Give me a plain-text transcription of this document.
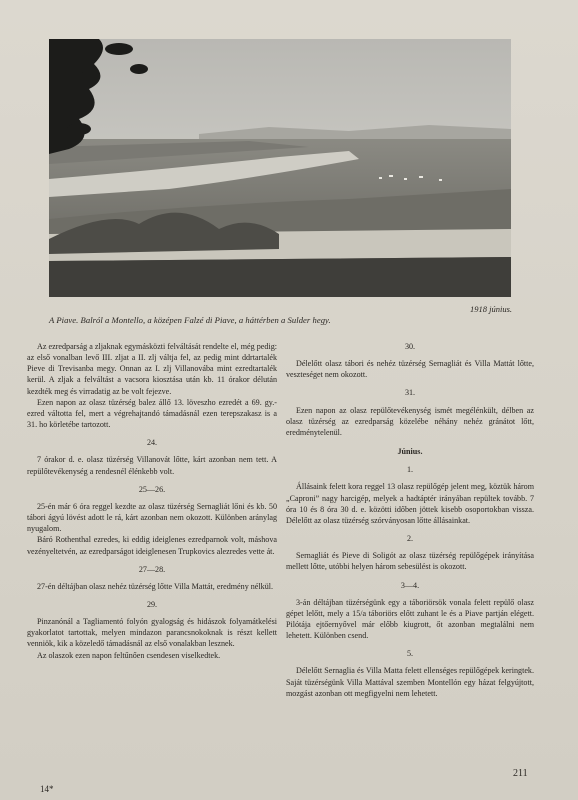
1918 június.
A Piave. Balról a Montello, a középen Falzé di Piave, a háttérben a Sulder hegy.

Az ezredparság a zljaknak egymásközti felváltását rendelte el, még pedig: az első vonalban levő III. zljat a II. zlj váltja fel, az pedig mint ddrtartalék Pieve di Trevisanba megy. Onnan az I. zlj Villanovába mint ezredtartalék kerül. A zljak a felváltást a vacsora kiosztása után kb. 11 órakor délután kezdték meg és virradatig az be volt fejezve.

Ezen napon az olasz tüzérség balez állő 13. löveszho ezredét a 69. gy.-ezred váltotta fel, mert a végrehajtandó támadásnál ezen terepszakasz is a 31. ho körletébe tartozott.

24.

7 órakor d. e. olasz tüzérség Villanovát lőtte, kárt azonban nem tett. A repülőtevékenység a rendesnél élénkebb volt.

25—26.

25-én már 6 óra reggel kezdte az olasz tüzérség Sernagliát lőni és kb. 50 tábori ágyú lövést adott le rá, kárt azonban nem okozott. Különben aránylag nyugalom.

Báró Rothenthal ezredes, ki eddig ideiglenes ezredparnok volt, máshova vezényeltetvén, az ezredparságot ideiglenesen Trupkovics alezredes vette át.

27—28.

27-én déltájban olasz nehéz tüzérség lőtte Villa Mattát, eredmény nélkül.

29.

Pinzanónál a Tagliamentó folyón gyalogság és hidászok folyamátkelési gyakorlatot tartottak, melyen mindazon parancsnokoknak is részt kellett venniök, kik a közeledő támadásnál az első vonalakban lesznek.

Az olaszok ezen napon feltűnően csendesen viselkedtek.

30.

Délelőtt olasz tábori és nehéz tüzérség Sernagliát és Villa Mattát lőtte, veszteséget nem okozott.

31.

Ezen napon az olasz repülőtevékenység ismét megélénkült, délben az olasz tüzérség az ezredparság közelébe néhány nehéz gránátot lőtt, eredménytelenül.

Június.
1.

Állásaink felett kora reggel 13 olasz repülőgép jelent meg, köztük három „Caproni” nagy harcigép, melyek a hadtáptér irányában repültek tovább. 7 óra 10 és 8 óra 30 d. e. közötti időben jöttek kisebb osoportokban vissza. Délelőtt az olasz tüzérség szórványosan lőtte állásainkat.

2.

Sernagliát és Pieve di Soligót az olasz tüzérség repülőgépek irányítása mellett lőtte, utóbbi helyen három sebesülést is okozott.

3—4.

3-án déltájban tüzérségünk egy a táboriörsök vonala felett repülő olasz gépet lelőtt, mely a 15/a táboriörs előtt zuhant le és a Piave partján elégett. Pilótája ejtőernyővel már előbb kiugrott, őt azonban megtalálni nem lehetett. Különben csend.

5.

Délelőtt Sernaglia és Villa Matta felett ellenséges repülőgépek keringtek. Saját tüzérségünk Villa Mattával szemben Montellón egy házat felgyújtott, mozgást azonban ott megfigyelni nem lehetett.

14*
211
